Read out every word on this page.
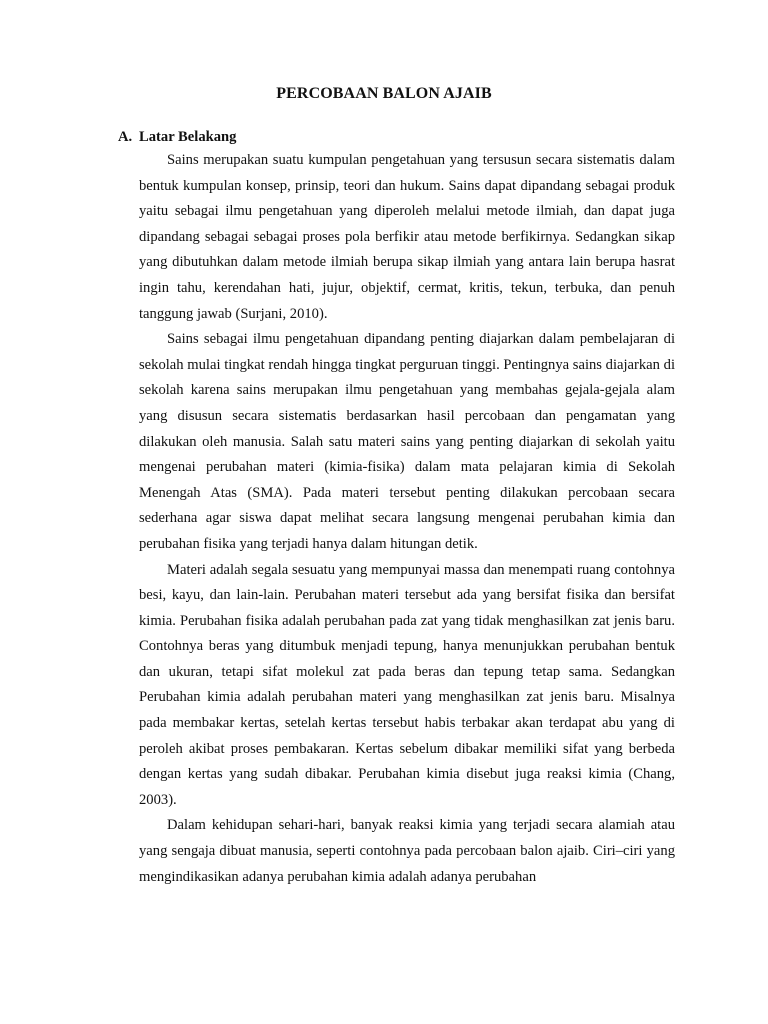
PERCOBAAN BALON AJAIB
A. Latar Belakang

Sains merupakan suatu kumpulan pengetahuan yang tersusun secara sistematis dalam bentuk kumpulan konsep, prinsip, teori dan hukum. Sains dapat dipandang sebagai produk yaitu sebagai ilmu pengetahuan yang diperoleh melalui metode ilmiah, dan dapat juga dipandang sebagai sebagai proses pola berfikir atau metode berfikirnya. Sedangkan sikap yang dibutuhkan dalam metode ilmiah berupa sikap ilmiah yang antara lain berupa hasrat ingin tahu, kerendahan hati, jujur, objektif, cermat, kritis, tekun, terbuka, dan penuh tanggung jawab (Surjani, 2010).

Sains sebagai ilmu pengetahuan dipandang penting diajarkan dalam pembelajaran di sekolah mulai tingkat rendah hingga tingkat perguruan tinggi. Pentingnya sains diajarkan di sekolah karena sains merupakan ilmu pengetahuan yang membahas gejala-gejala alam yang disusun secara sistematis berdasarkan hasil percobaan dan pengamatan yang dilakukan oleh manusia. Salah satu materi sains yang penting diajarkan di sekolah yaitu mengenai perubahan materi (kimia-fisika) dalam mata pelajaran kimia di Sekolah Menengah Atas (SMA). Pada materi tersebut penting dilakukan percobaan secara sederhana agar siswa dapat melihat secara langsung mengenai perubahan kimia dan perubahan fisika yang terjadi hanya dalam hitungan detik.

Materi adalah segala sesuatu yang mempunyai massa dan menempati ruang contohnya besi, kayu, dan lain-lain. Perubahan materi tersebut ada yang bersifat fisika dan bersifat kimia. Perubahan fisika adalah perubahan pada zat yang tidak menghasilkan zat jenis baru. Contohnya beras yang ditumbuk menjadi tepung, hanya menunjukkan perubahan bentuk dan ukuran, tetapi sifat molekul zat pada beras dan tepung tetap sama. Sedangkan Perubahan kimia adalah perubahan materi yang menghasilkan zat jenis baru. Misalnya pada membakar kertas, setelah kertas tersebut habis terbakar akan terdapat abu yang di peroleh akibat proses pembakaran. Kertas sebelum dibakar memiliki sifat yang berbeda dengan kertas yang sudah dibakar. Perubahan kimia disebut juga reaksi kimia (Chang, 2003).

Dalam kehidupan sehari-hari, banyak reaksi kimia yang terjadi secara alamiah atau yang sengaja dibuat manusia, seperti contohnya pada percobaan balon ajaib. Ciri–ciri yang mengindikasikan adanya perubahan kimia adalah adanya perubahan
